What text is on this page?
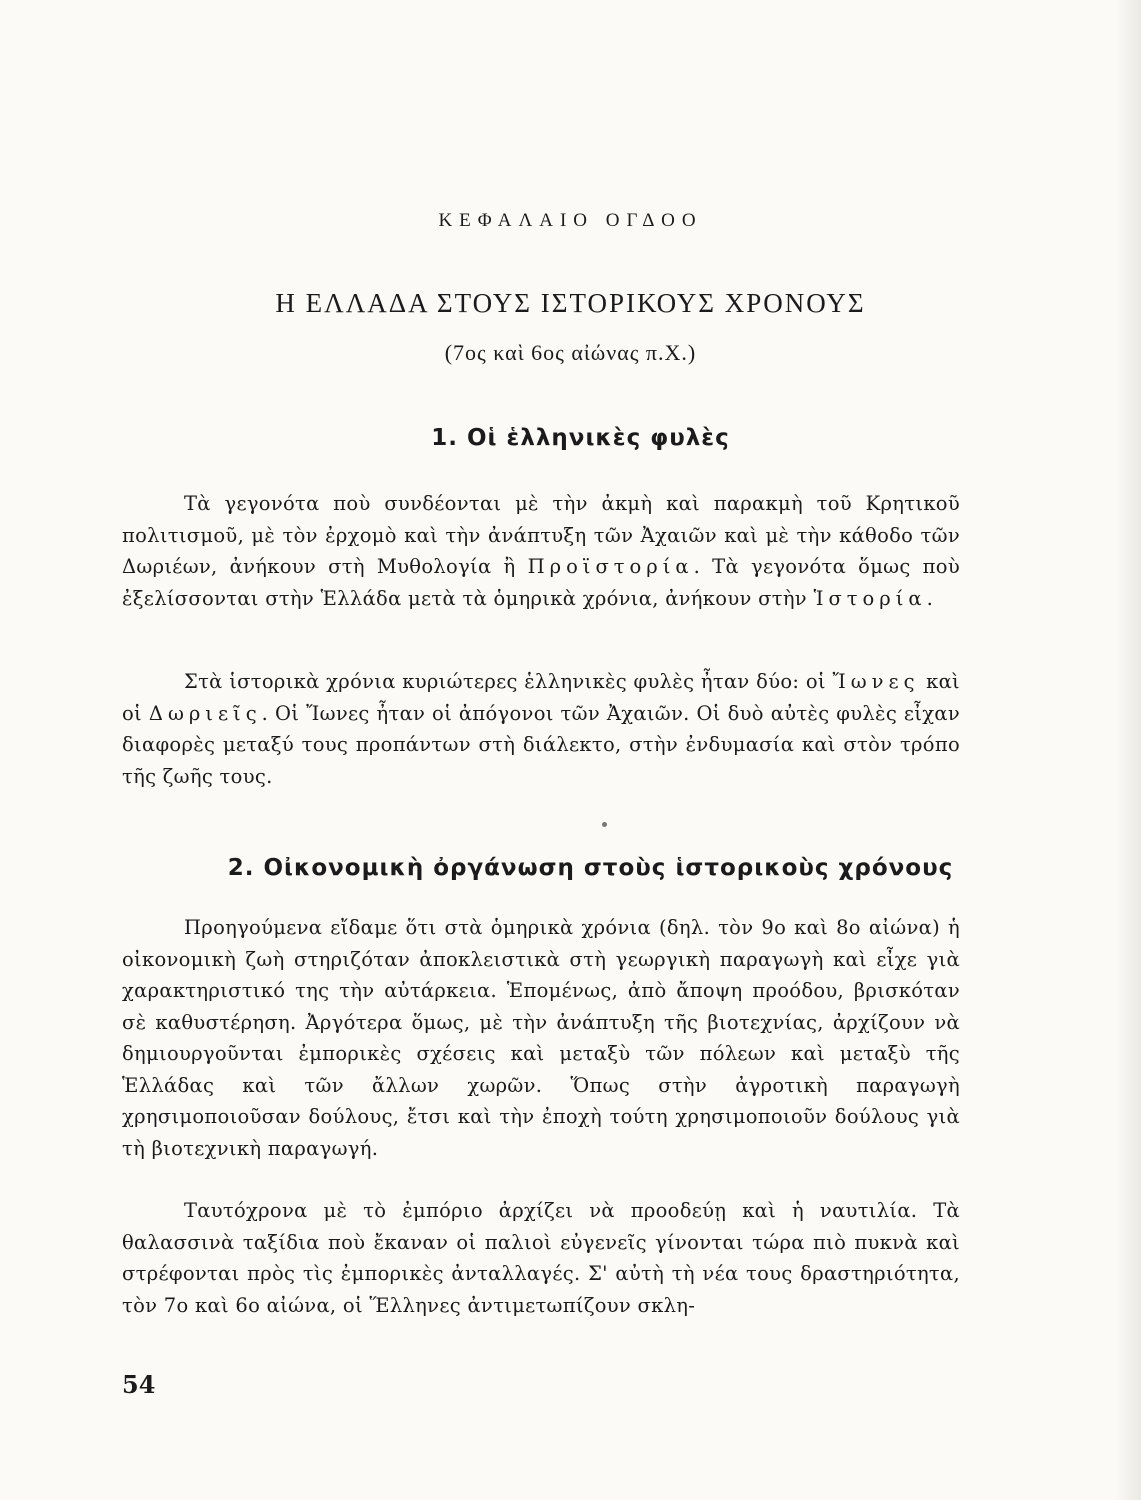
ΚΕΦΑΛΑΙΟ ΟΓΔΟΟ
Η ΕΛΛΑΔΑ ΣΤΟΥΣ ΙΣΤΟΡΙΚΟΥΣ ΧΡΟΝΟΥΣ
(7ος καὶ 6ος αἰώνας π.Χ.)
1. Οἱ ἑλληνικὲς φυλὲς

Τὰ γεγονότα ποὺ συνδέονται μὲ τὴν ἀκμὴ καὶ παρακμὴ τοῦ Κρητικοῦ πολιτισμοῦ, μὲ τὸν ἐρχομὸ καὶ τὴν ἀνάπτυξη τῶν Ἀχαιῶν καὶ μὲ τὴν κάθοδο τῶν Δωριέων, ἀνήκουν στὴ Μυθολογία ἢ Προϊστορία. Τὰ γεγονότα ὅμως ποὺ ἐξελίσσονται στὴν Ἑλλάδα μετὰ τὰ ὁμηρικὰ χρόνια, ἀνήκουν στὴν Ἱστορία.

Στὰ ἱστορικὰ χρόνια κυριώτερες ἑλληνικὲς φυλὲς ἦταν δύο: οἱ Ἴωνες καὶ οἱ Δωριεῖς. Οἱ Ἴωνες ἦταν οἱ ἀπόγονοι τῶν Ἀχαιῶν. Οἱ δυὸ αὐτὲς φυλὲς εἶχαν διαφορὲς μεταξύ τους προπάντων στὴ διάλεκτο, στὴν ἐνδυμασία καὶ στὸν τρόπο τῆς ζωῆς τους.

2. Οἰκονομικὴ ὀργάνωση στοὺς ἱστορικοὺς χρόνους

Προηγούμενα εἴδαμε ὅτι στὰ ὁμηρικὰ χρόνια (δηλ. τὸν 9ο καὶ 8ο αἰώνα) ἡ οἰκονομικὴ ζωὴ στηριζόταν ἀποκλειστικὰ στὴ γεωργικὴ παραγωγὴ καὶ εἶχε γιὰ χαρακτηριστικό της τὴν αὐτάρκεια. Ἑπομένως, ἀπὸ ἄποψη προόδου, βρισκόταν σὲ καθυστέρηση. Ἀργότερα ὅμως, μὲ τὴν ἀνάπτυξη τῆς βιοτεχνίας, ἀρχίζουν νὰ δημιουργοῦνται ἐμπορικὲς σχέσεις καὶ μεταξὺ τῶν πόλεων καὶ μεταξὺ τῆς Ἑλλάδας καὶ τῶν ἄλλων χωρῶν. Ὅπως στὴν ἀγροτικὴ παραγωγὴ χρησιμοποιοῦσαν δούλους, ἔτσι καὶ τὴν ἐποχὴ τούτη χρησιμοποιοῦν δούλους γιὰ τὴ βιοτεχνικὴ παραγωγή.

Ταυτόχρονα μὲ τὸ ἐμπόριο ἀρχίζει νὰ προοδεύῃ καὶ ἡ ναυτιλία. Τὰ θαλασσινὰ ταξίδια ποὺ ἔκαναν οἱ παλιοὶ εὐγενεῖς γίνονται τώρα πιὸ πυκνὰ καὶ στρέφονται πρὸς τὶς ἐμπορικὲς ἀνταλλαγές. Σ' αὐτὴ τὴ νέα τους δραστηριότητα, τὸν 7ο καὶ 6ο αἰώνα, οἱ Ἕλληνες ἀντιμετωπίζουν σκλη-

54
